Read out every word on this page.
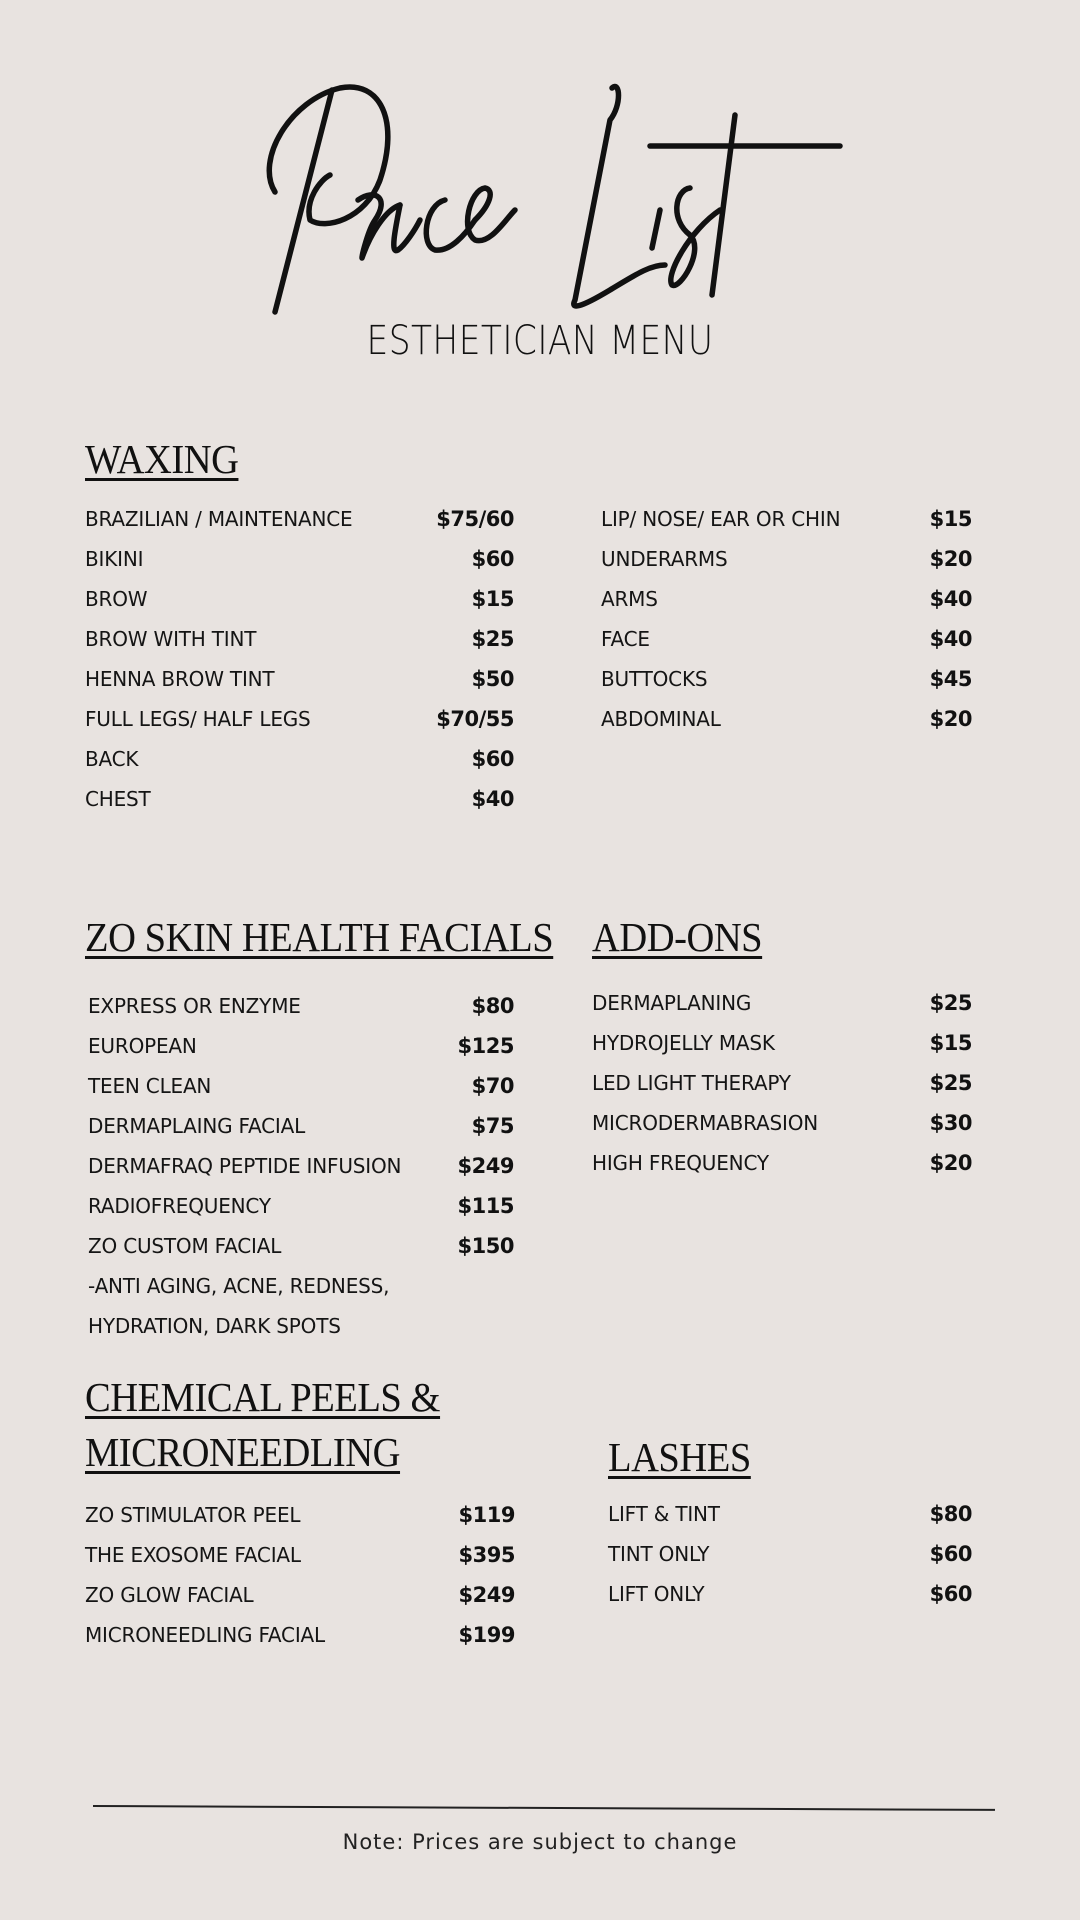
ESTHETICIAN MENU
WAXING
BRAZILIAN / MAINTENANCE	$75/60
BIKINI	$60
BROW	$15
BROW WITH TINT	$25
HENNA BROW TINT	$50
FULL LEGS/ HALF LEGS	$70/55
BACK	$60
CHEST	$40
LIP/ NOSE/ EAR OR CHIN	$15
UNDERARMS	$20
ARMS	$40
FACE	$40
BUTTOCKS	$45
ABDOMINAL	$20
ZO SKIN HEALTH FACIALS
EXPRESS OR ENZYME	$80
EUROPEAN	$125
TEEN CLEAN	$70
DERMAPLAING FACIAL	$75
DERMAFRAQ PEPTIDE INFUSION	$249
RADIOFREQUENCY	$115
ZO CUSTOM FACIAL	$150
-ANTI AGING, ACNE, REDNESS,
HYDRATION, DARK SPOTS
ADD-ONS
DERMAPLANING	$25
HYDROJELLY MASK	$15
LED LIGHT THERAPY	$25
MICRODERMABRASION	$30
HIGH FREQUENCY	$20
CHEMICAL PEELS &
MICRONEEDLING
ZO STIMULATOR PEEL	$119
THE EXOSOME FACIAL	$395
ZO GLOW FACIAL	$249
MICRONEEDLING FACIAL	$199
LASHES
LIFT & TINT	$80
TINT ONLY	$60
LIFT ONLY	$60
Note: Prices are subject to change
